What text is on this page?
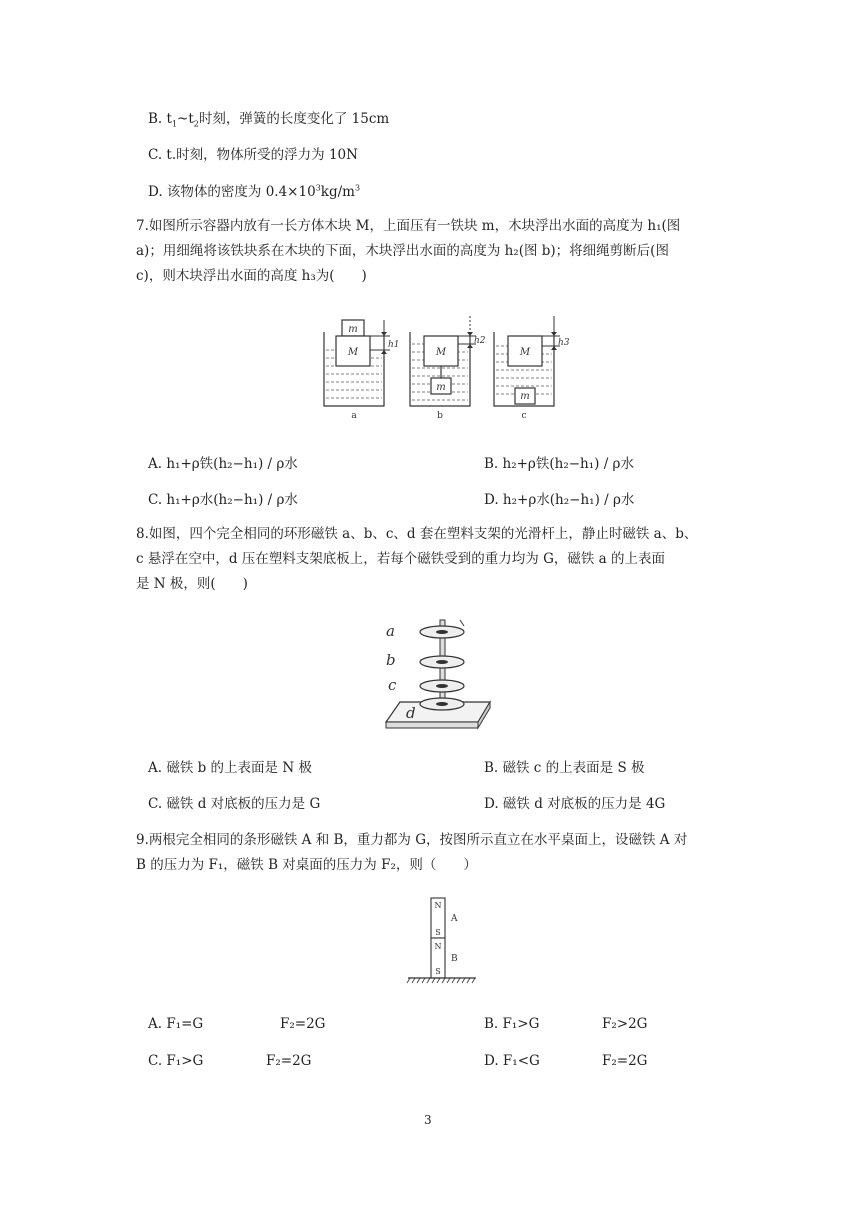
B. $t_1\sim t_2$时刻，弹簧的长度变化了 15cm
C. t.时刻，物体所受的浮力为 10N
D. 该物体的密度为 $0.4\times 10^3kg/m^3$
7.如图所示容器内放有一长方体木块 M，上面压有一铁块 m，木块浮出水面的高度为 h₁(图
a)；用细绳将该铁块系在木块的下面，木块浮出水面的高度为 h₂(图 b)；将细绳剪断后(图
c)，则木块浮出水面的高度 h₃为(　　)
m
M	M
m
M
m
h1	h2	h3
a	b	c
A. h₁+ρ铁(h₂−h₁) / ρ水	B. h₂+ρ铁(h₂−h₁) / ρ水
C. h₁+ρ水(h₂−h₁) / ρ水	D. h₂+ρ水(h₂−h₁) / ρ水
8.如图，四个完全相同的环形磁铁 a、b、c、d 套在塑料支架的光滑杆上，静止时磁铁 a、b、
c 悬浮在空中，d 压在塑料支架底板上，若每个磁铁受到的重力均为 G，磁铁 a 的上表面
是 N 极，则(　　)
a
b
c
d
A. 磁铁 b 的上表面是 N 极	B. 磁铁 c 的上表面是 S 极
C. 磁铁 d 对底板的压力是 G	D. 磁铁 d 对底板的压力是 4G
9.两根完全相同的条形磁铁 A 和 B，重力都为 G，按图所示直立在水平桌面上，设磁铁 A 对
B 的压力为 F₁，磁铁 B 对桌面的压力为 F₂，则（　　）
N
S
N
S
A
B
A. F₁=G	F₂=2G	B. F₁>G	F₂>2G
C. F₁>G	F₂=2G	D. F₁<G	F₂=2G
3
